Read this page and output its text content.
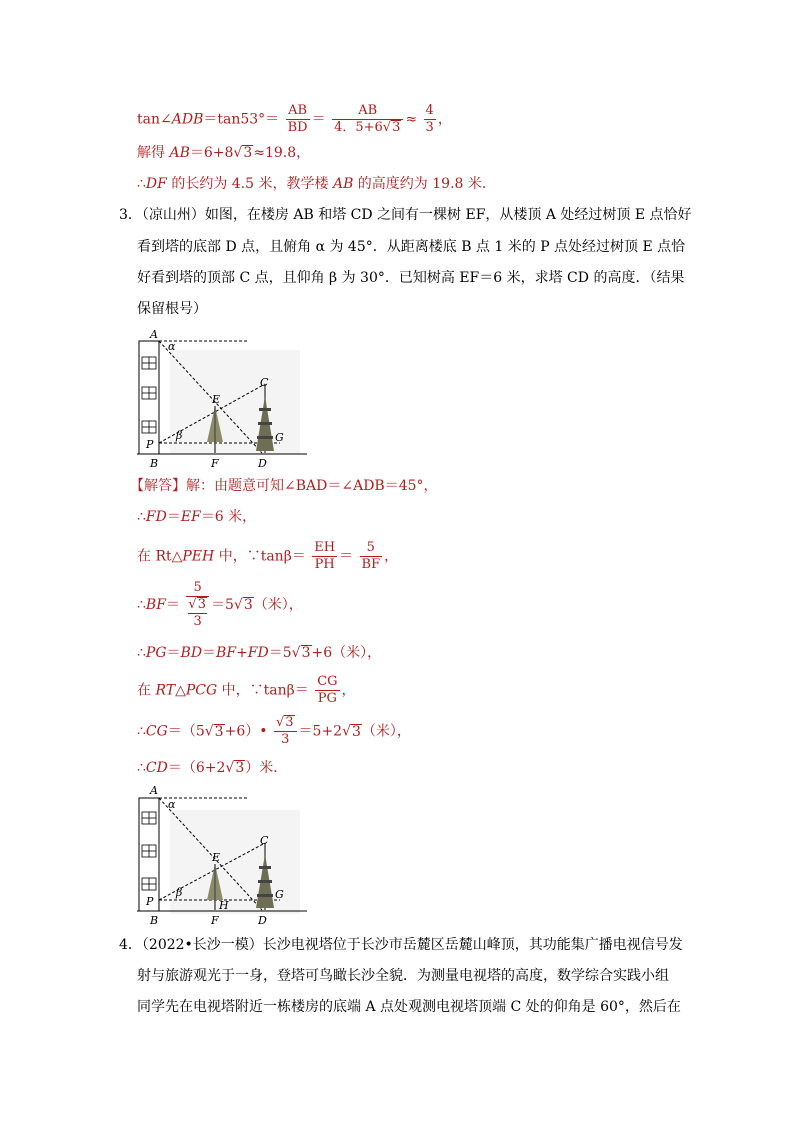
tan∠ADB＝tan53°＝ $\frac{AB}{BD} = \frac{AB}{4.5+6√3} \approx \frac{4}{3}$ ，
解得 AB＝6+8√3≈19.8，
∴DF 的长约为 4.5 米，教学楼 AB 的高度约为 19.8 米．
3．（凉山州）如图，在楼房 AB 和塔 CD 之间有一棵树 EF，从楼顶 A 处经过树顶 E 点恰好
看到塔的底部 D 点，且俯角 α 为 45°．从距离楼底 B 点 1 米的 P 点处经过树顶 E 点恰
好看到塔的顶部 C 点，且仰角 β 为 30°．已知树高 EF＝6 米，求塔 CD 的高度．（结果
保留根号）
A
α
C
E
β
P
G
B	F	D
【解答】解：由题意可知∠BAD＝∠ADB＝45°，
∴FD＝EF＝6 米，
在 Rt△PEH 中，∵tanβ＝ $\frac{EH}{PH} = \frac{5}{BF}$ ，
∴BF＝ 5
√3
3 ＝5√3（米），
∴PG＝BD＝BF+FD＝5√3+6（米），
在 RT△PCG 中，∵tanβ＝ $\frac{CG}{PG}$ ，
∴CG＝（5√3+6）• $\frac{√3}{3} =5+2√3$（米），
∴CD＝（6+2√3）米．
A
α
C
E
β
P
G
H
B	F	D
4．（2022•长沙一模）长沙电视塔位于长沙市岳麓区岳麓山峰顶，其功能集广播电视信号发
射与旅游观光于一身，登塔可鸟瞰长沙全貌．为测量电视塔的高度，数学综合实践小组
同学先在电视塔附近一栋楼房的底端 A 点处观测电视塔顶端 C 处的仰角是 60°，然后在
